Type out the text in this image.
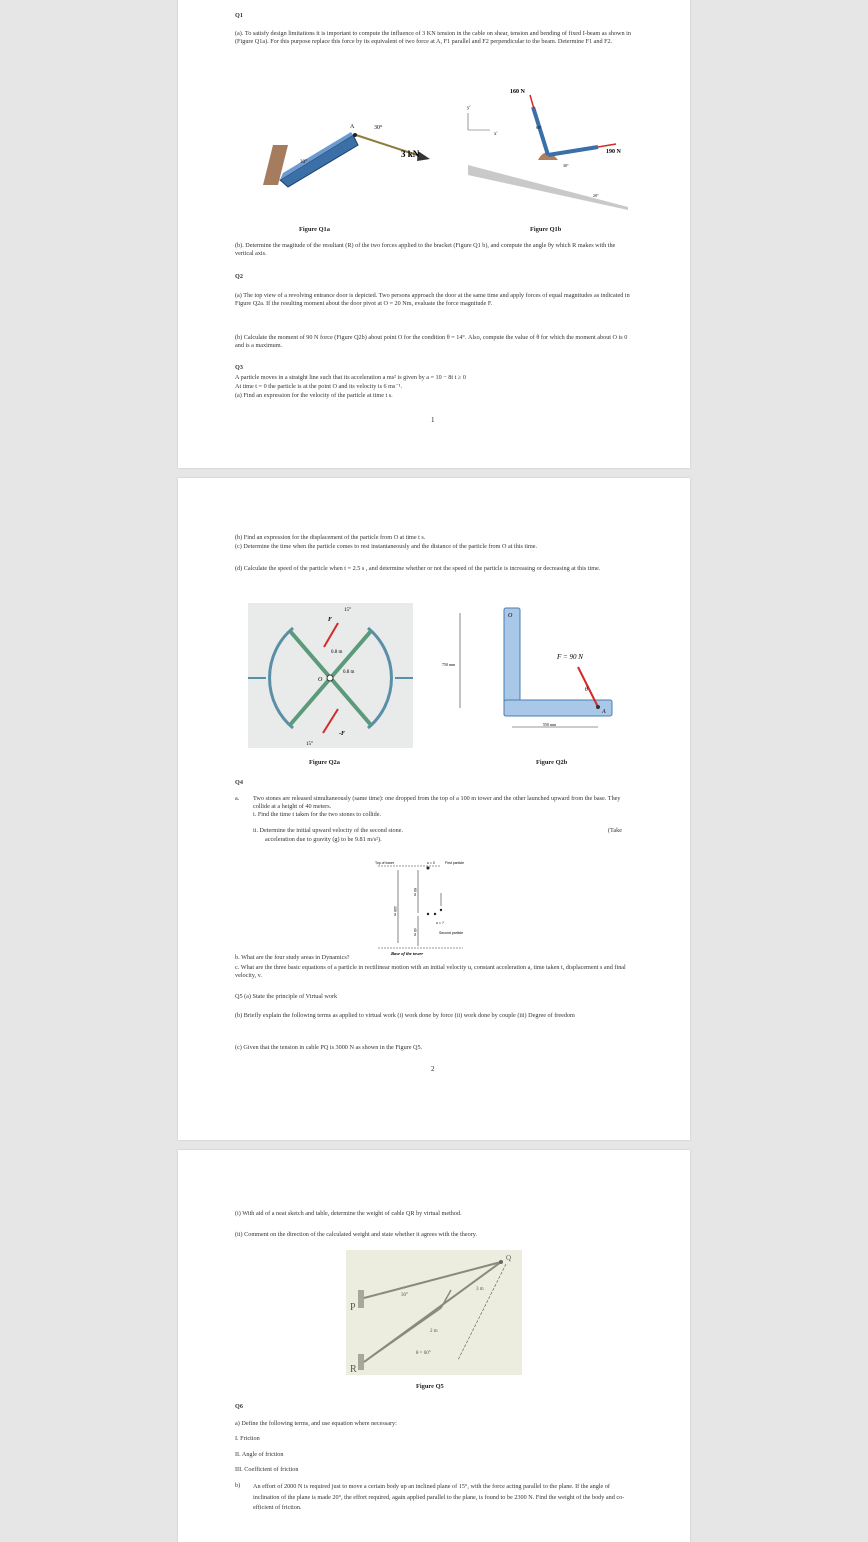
Q1
(a). To satisfy design limitations it is important to compute the influence of 3 KN tension in the cable on shear, tension and bending of fixed I-beam as shown in (Figure Q1a). For this purpose replace this force by its equivalent of two force at A, F1 parallel and F2 perpendicular to the beam. Determine F1 and F2.
A	30°
30°
3 kN
160 N
190 N
60°
30°
20°
y'
x'
Figure Q1a	Figure Q1b
(b). Determine the magitude of the resultant (R) of the two forces applied to the bracket (Figure Q1 b), and compute the angle θy which R makes with the vertical axis.
Q2
(a) The top view of a revolving entrance door is depicted. Two persons approach the door at the same time and apply forces of equal magnitudes as indicated in Figure Q2a. If the resulting moment about the door pivot at O = 20 Nm, evaluate the force magnitude F.
(b) Calculate the moment of 90 N force (Figure Q2b) about point O for the condition θ = 14°. Also, compute the value of θ for which the moment about O is 0 and is a maximum.
Q3
A particle moves in a straight line such that its acceleration a ms² is given by a = 10 − 8t t ≥ 0
At time t = 0 the particle is at the point O and its velocity is 6 ms⁻¹.
(a) Find an expression for the velocity of the particle at time t s.
1
(b) Find an expression for the displacement of the particle from O at time t s.
(c) Determine the time when the particle comes to rest instantaneously and the distance of the particle from O at this time.
(d) Calculate the speed of the particle when t = 2.5 s , and determine whether or not the speed of the particle is increasing or decreasing at this time.
F
-F
15°
15°
0.8 m
0.8 m
O
O
750 mm
550 mm
F = 90 N
θ
A
Figure Q2a	Figure Q2b
Q4
a.	Two stones are released simultaneously (same time): one dropped from the top of a 100 m tower and the other launched upward from the base. They collide at a height of 40 meters.
i. Find the time t taken for the two stones to collide.
ii. Determine the initial upward velocity of the second stone.	(Take
acceleration due to gravity (g) to be 9.81 m/s²).
Top of tower	u = 0	First particle
100 m
60 m
40 m
u = ?
Second particle
Base of the tower
b. What are the four study areas in Dynamics?
c. What are the three basic equations of a particle in rectilinear motion with an initial velocity u, constant acceleration a, time taken t, displacement s and final velocity, v.
Q5 (a) State the principle of Virtual work
(b) Briefly explain the following terms as applied to virtual work (i) work done by force (ii) work done by couple (iii) Degree of freedom
(c) Given that the tension in cable PQ is 3000 N as shown in the Figure Q5.
2
(i) With aid of a neat sketch and table, determine the weight of cable QR by virtual method.
(ii) Comment on the direction of the calculated weight and state whether it agrees with the theory.
P
R
Q
30°
θ = 60°
3 m
2 m
Figure Q5
Q6
a) Define the following terms, and use equation where necessary:
I. Friction
II. Angle of friction
III. Coefficient of friction
b)	An effort of 2000 N is required just to move a certain body up an inclined plane of 15°, with the force acting parallel to the plane. If the angle of inclination of the plane is made 20°, the effort required, again applied parallel to the plane, is found to be 2300 N. Find the weight of the body and co-efficient of friction.
